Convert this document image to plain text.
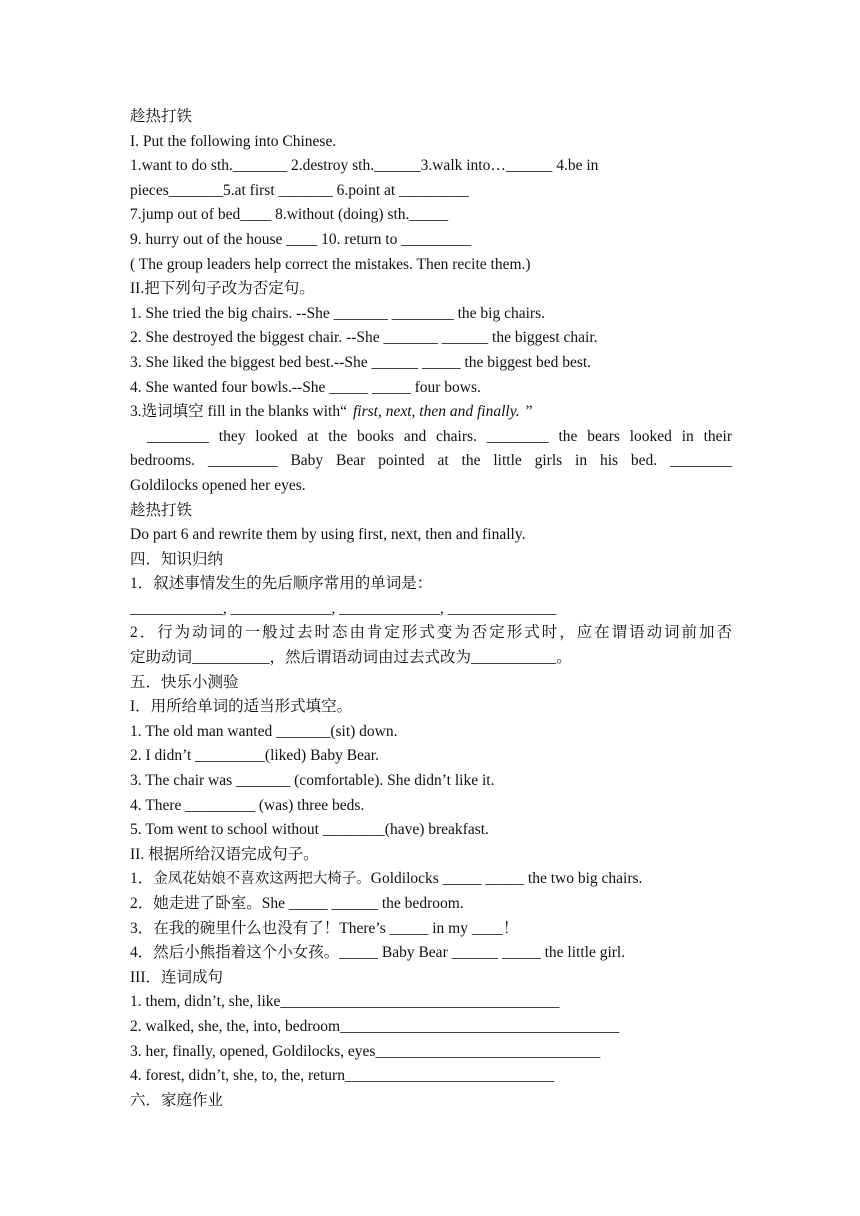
趁热打铁
I. Put the following into Chinese.
1.want to do sth._______ 2.destroy sth.______3.walk into…______ 4.be in
pieces_______5.at first _______ 6.point at _________
7.jump out of bed____ 8.without (doing) sth._____
9. hurry out of the house ____ 10. return to _________
( The group leaders help correct the mistakes. Then recite them.)
II.把下列句子改为否定句。
1. She tried the big chairs. --She _______ ________ the big chairs.
2. She destroyed the biggest chair. --She _______ ______ the biggest chair.
3. She liked the biggest bed best.--She ______ _____ the biggest bed best.
4. She wanted four bowls.--She _____ _____ four bows.
3.选词填空 fill in the blanks with“ first, next, then and finally. ”
________ they looked at the books and chairs. ________ the bears looked in their
bedrooms. _________ Baby Bear pointed at the little girls in his bed. ________
Goldilocks opened her eyes.
趁热打铁
Do part 6 and rewrite them by using first, next, then and finally.
四．知识归纳
1．叙述事情发生的先后顺序常用的单词是：
____________, _____________, _____________, ______________
2．行为动词的一般过去时态由肯定形式变为否定形式时，应在谓语动词前加否
定助动词__________，然后谓语动词由过去式改为___________。
五．快乐小测验
I．用所给单词的适当形式填空。
1. The old man wanted _______(sit) down.
2. I didn’t _________(liked) Baby Bear.
3. The chair was _______ (comfortable). She didn’t like it.
4. There _________ (was) three beds.
5. Tom went to school without ________(have) breakfast.
II. 根据所给汉语完成句子。
1．金凤花姑娘不喜欢这两把大椅子。Goldilocks _____ _____ the two big chairs.
2．她走进了卧室。She _____ ______ the bedroom.
3．在我的碗里什么也没有了！There’s _____ in my ____！
4．然后小熊指着这个小女孩。_____ Baby Bear ______ _____ the little girl.
III．连词成句
1. them, didn’t, she, like____________________________________
2. walked, she, the, into, bedroom____________________________________
3. her, finally, opened, Goldilocks, eyes_____________________________
4. forest, didn’t, she, to, the, return___________________________
六．家庭作业
